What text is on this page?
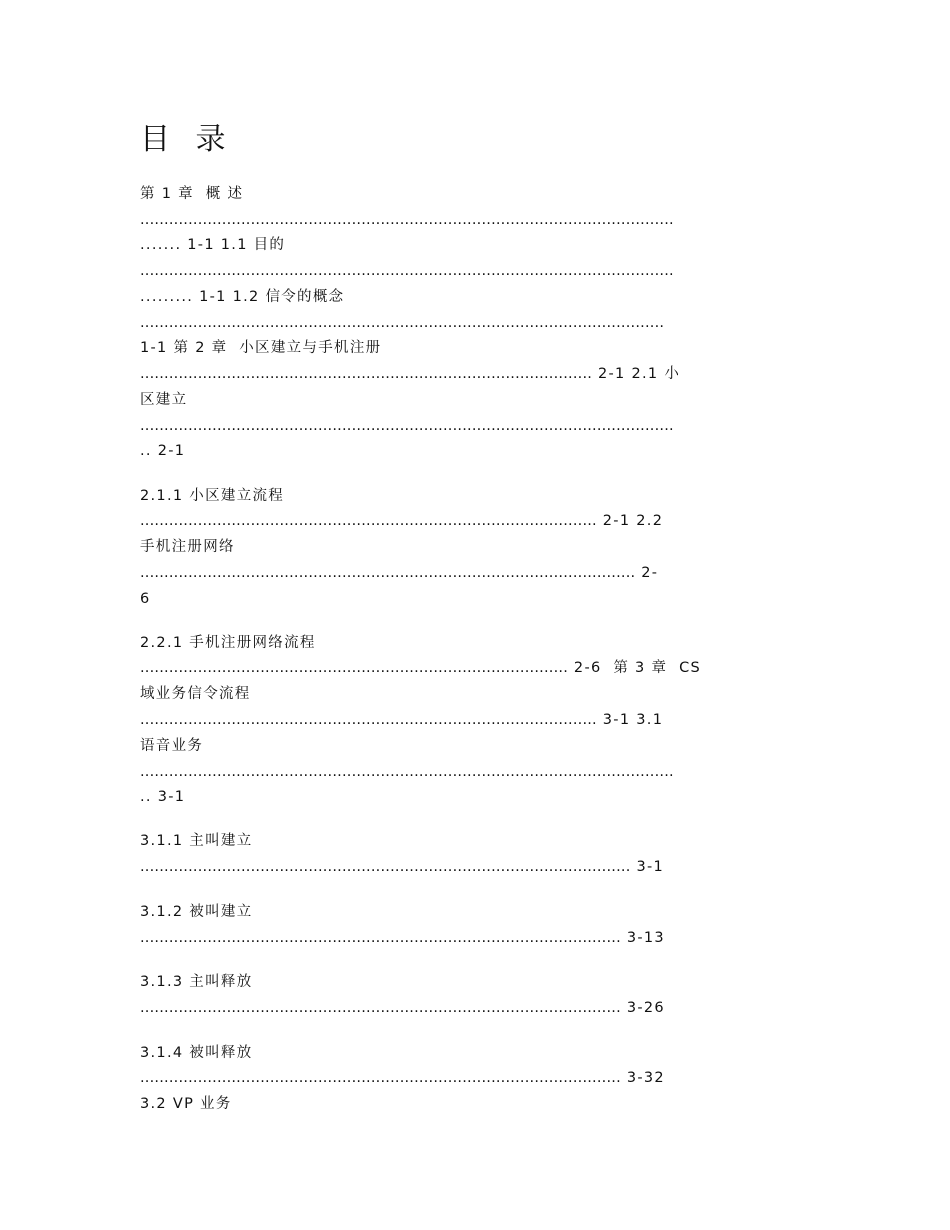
目 录
第 1 章  概 述
...............................................................................................................
....... 1-1 1.1 目的
...............................................................................................................
......... 1-1 1.2 信令的概念
.............................................................................................................
1-1 第 2 章  小区建立与手机注册
.............................................................................................. 2-1 2.1 小
区建立
...............................................................................................................
.. 2-1
2.1.1 小区建立流程
............................................................................................... 2-1 2.2
手机注册网络
....................................................................................................... 2-
6
2.2.1 手机注册网络流程
......................................................................................... 2-6  第 3 章  CS
域业务信令流程
............................................................................................... 3-1 3.1
语音业务
...............................................................................................................
.. 3-1
3.1.1 主叫建立
...................................................................................................... 3-1
3.1.2 被叫建立
.................................................................................................... 3-13
3.1.3 主叫释放
.................................................................................................... 3-26
3.1.4 被叫释放
.................................................................................................... 3-32
3.2 VP 业务
